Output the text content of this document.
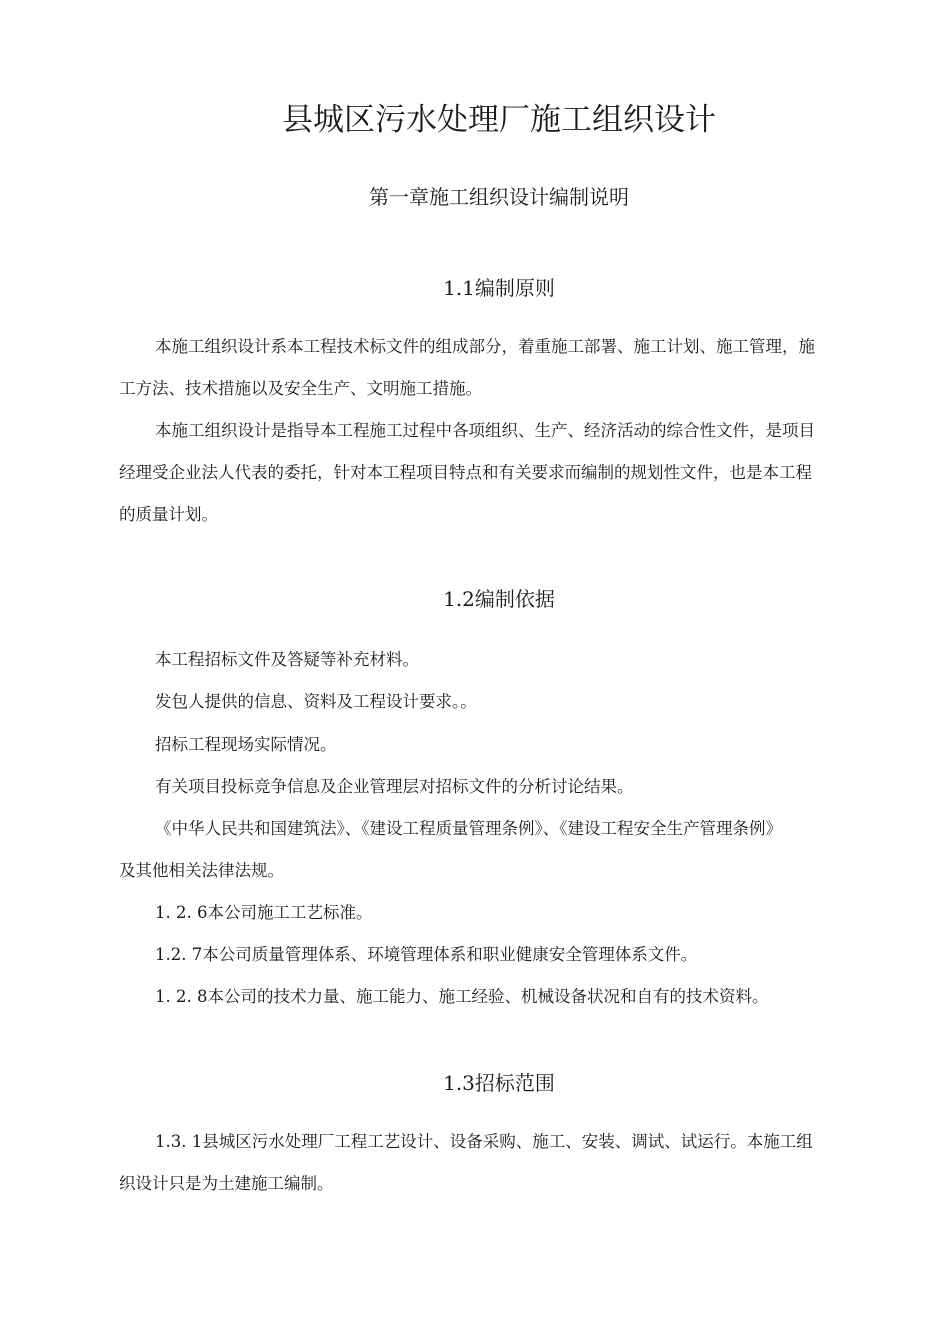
县城区污水处理厂施工组织设计
第一章施工组织设计编制说明
1.1编制原则
本施工组织设计系本工程技术标文件的组成部分，着重施工部署、施工计划、施工管理，施
工方法、技术措施以及安全生产、文明施工措施。
本施工组织设计是指导本工程施工过程中各项组织、生产、经济活动的综合性文件，是项目
经理受企业法人代表的委托，针对本工程项目特点和有关要求而编制的规划性文件，也是本工程
的质量计划。
1.2编制依据
本工程招标文件及答疑等补充材料。
发包人提供的信息、资料及工程设计要求。。
招标工程现场实际情况。
有关项目投标竞争信息及企业管理层对招标文件的分析讨论结果。
《中华人民共和国建筑法》、《建设工程质量管理条例》、《建设工程安全生产管理条例》
及其他相关法律法规。
1. 2. 6本公司施工工艺标准。
1.2. 7本公司质量管理体系、环境管理体系和职业健康安全管理体系文件。
1. 2. 8本公司的技术力量、施工能力、施工经验、机械设备状况和自有的技术资料。
1.3招标范围
1.3. 1县城区污水处理厂工程工艺设计、设备采购、施工、安装、调试、试运行。本施工组
织设计只是为土建施工编制。
